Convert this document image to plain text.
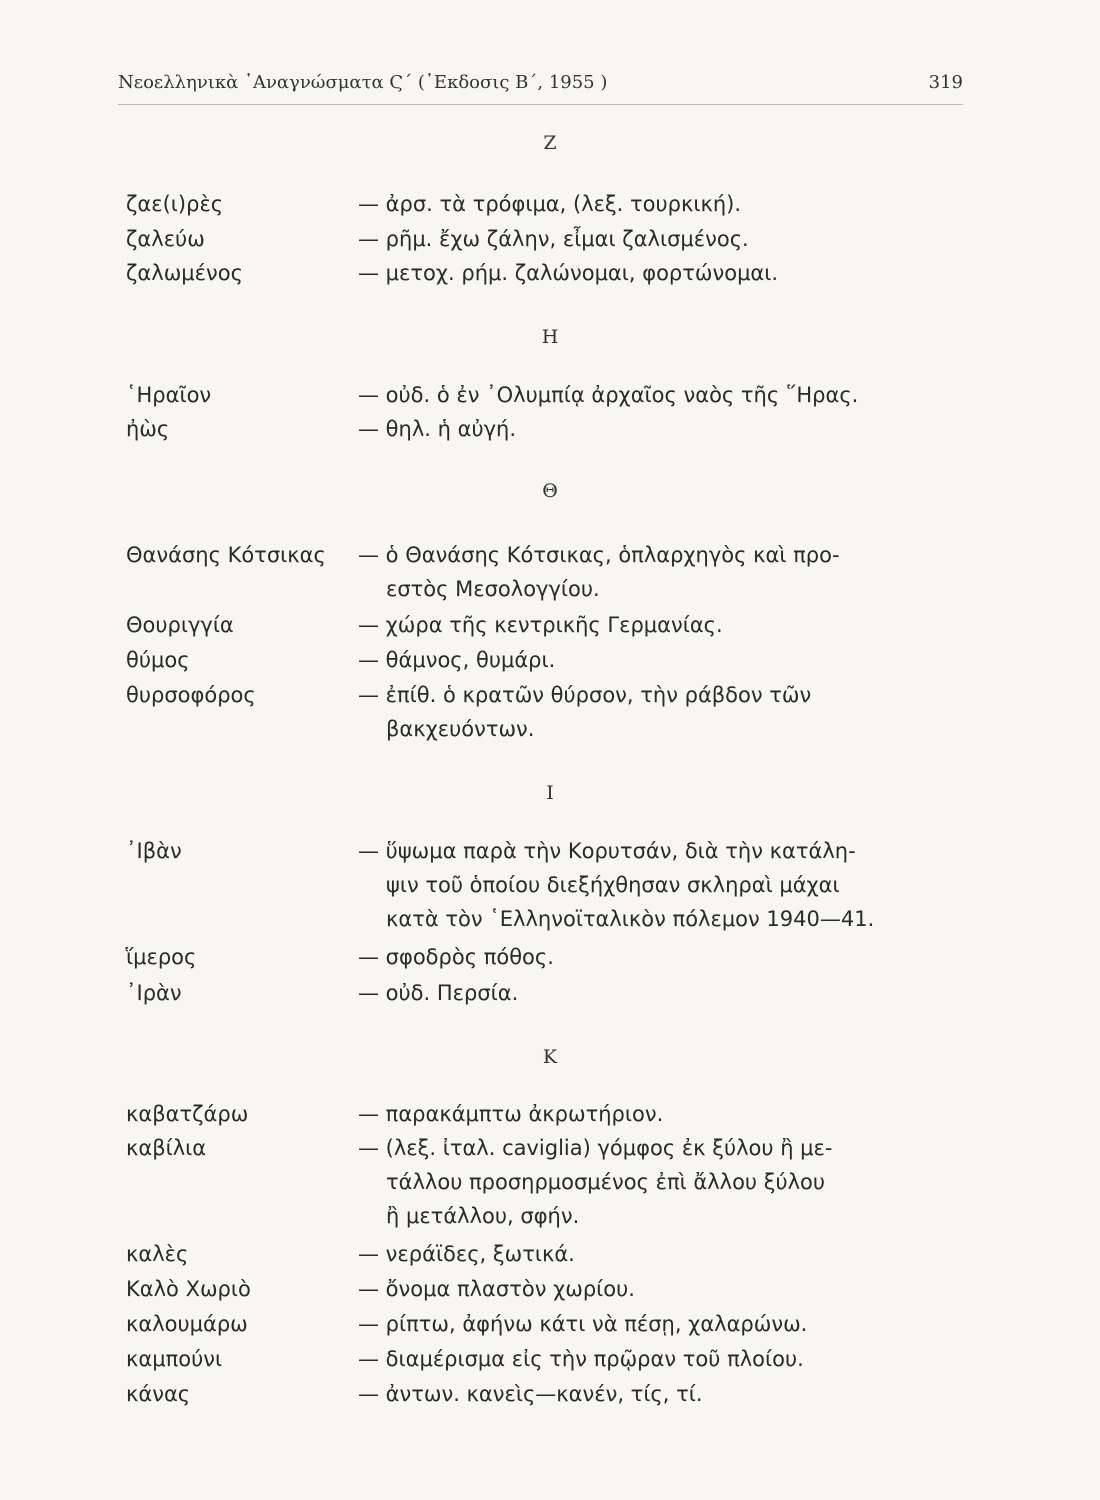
Νεοελληνικὰ ᾿Αναγνώσματα Ϛ΄ (᾿Εκδοσις Β΄, 1955 )	319
Ζ
ζαε(ι)ρὲς	— ἀρσ. τὰ τρόφιμα, (λεξ. τουρκική).
ζαλεύω	— ρῆμ. ἔχω ζάλην, εἶμαι ζαλισμένος.
ζαλωμένος	— μετοχ. ρήμ. ζαλώνομαι, φορτώνομαι.
Η
῾Ηραῖον	— οὐδ. ὁ ἐν ᾿Ολυμπίᾳ ἀρχαῖος ναὸς τῆς ῞Ηρας.
ἠὼς	— θηλ. ἡ αὐγή.
Θ
Θανάσης Κότσικας — ὁ Θανάσης Κότσικας, ὁπλαρχηγὸς καὶ προ-
εστὸς Μεσολογγίου.
Θουριγγία	— χώρα τῆς κεντρικῆς Γερμανίας.
θύμος	— θάμνος, θυμάρι.
θυρσοφόρος	— ἐπίθ. ὁ κρατῶν θύρσον, τὴν ράβδον τῶν
βακχευόντων.
Ι
᾿Ιβὰν	— ὕψωμα παρὰ τὴν Κορυτσάν, διὰ τὴν κατάλη-
ψιν τοῦ ὁποίου διεξήχθησαν σκληραὶ μάχαι
κατὰ τὸν ῾Ελληνοϊταλικὸν πόλεμον 1940—41.
ἵμερος	— σφοδρὸς πόθος.
᾿Ιρὰν	— οὐδ. Περσία.
Κ
καβατζάρω	— παρακάμπτω ἀκρωτήριον.
καβίλια	— (λεξ. ἰταλ. caviglia) γόμφος ἐκ ξύλου ἢ με-
τάλλου προσηρμοσμένος ἐπὶ ἄλλου ξύλου
ἢ μετάλλου, σφήν.
καλὲς	— νεράϊδες, ξωτικά.
Καλὸ Χωριὸ	— ὄνομα πλαστὸν χωρίου.
καλουμάρω	— ρίπτω, ἀφήνω κάτι νὰ πέσῃ, χαλαρώνω.
καμπούνι	— διαμέρισμα εἰς τὴν πρῷραν τοῦ πλοίου.
κάνας	— ἀντων. κανεὶς—κανέν, τίς, τί.
